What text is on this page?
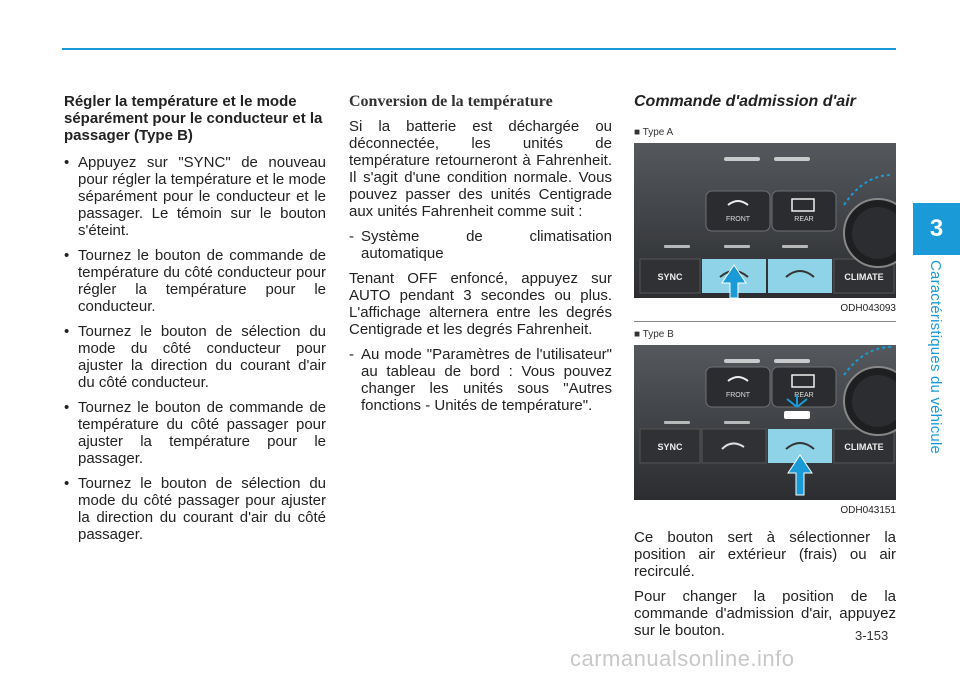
3
Caractéristiques du véhicule
Régler la température et le mode séparément pour le conducteur et la passager (Type B)
• Appuyez sur "SYNC" de nouveau pour régler la température et le mode séparément pour le conducteur et le passager. Le témoin sur le bouton s'éteint.
• Tournez le bouton de commande de température du côté conducteur pour régler la température pour le conducteur.
• Tournez le bouton de sélection du mode du côté conducteur pour ajuster la direction du courant d'air du côté conducteur.
• Tournez le bouton de commande de température du côté passager pour ajuster la température pour le passager.
• Tournez le bouton de sélection du mode du côté passager pour ajuster la direction du courant d'air du côté passager.
Conversion de la température

Si la batterie est déchargée ou déconnectée, les unités de température retourneront à Fahrenheit. Il s'agit d'une condition normale. Vous pouvez passer des unités Centigrade aux unités Fahrenheit comme suit :

- Système de climatisation automatique

Tenant OFF enfoncé, appuyez sur AUTO pendant 3 secondes ou plus. L'affichage alternera entre les degrés Centigrade et les degrés Fahrenheit.

- Au mode "Paramètres de l'utilisateur" au tableau de bord : Vous pouvez changer les unités sous "Autres fonctions - Unités de température".
Commande d'admission d'air
■ Type A
FRONT	REAR
SYNC	CLIMATE
ODH043093
■ Type B
FRONT	REAR
SYNC	CLIMATE
ODH043151

Ce bouton sert à sélectionner la position air extérieur (frais) ou air recirculé.

Pour changer la position de la commande d'admission d'air, appuyez sur le bouton.	3-153
carmanualsonline.info
